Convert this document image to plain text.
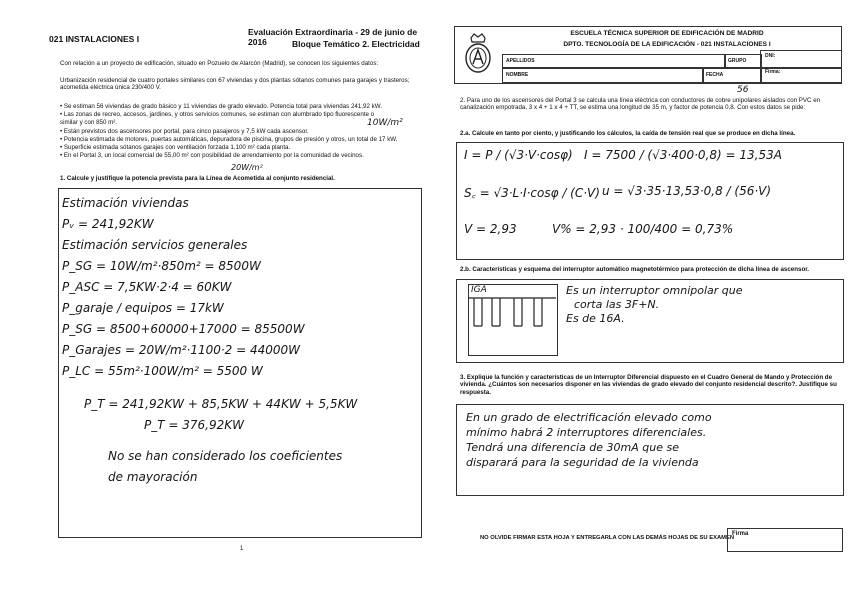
021 INSTALACIONES I
Evaluación Extraordinaria - 29 de junio de 2016	Bloque Temático 2. Electricidad
Con relación a un proyecto de edificación, situado en Pozuelo de Alarcón (Madrid), se conocen los siguientes datos:
Urbanización residencial de cuatro portales similares con 67 viviendas y dos plantas sótanos comunes para garajes y trasteros; acometida eléctrica única 230/400 V.
• Se estiman 56 viviendas de grado básico y 11 viviendas de grado elevado. Potencia total para viviendas 241,92 kW.
• Las zonas de recreo, accesos, jardines, y otros servicios comunes, se estiman con alumbrado tipo fluorescente o similar y con 850 m².
• Están previstos dos ascensores por portal, para cinco pasajeros y 7,5 kW cada ascensor.
• Potencia estimada de motores, puertas automáticas, depuradora de piscina, grupos de presión y otros, un total de 17 kW.
• Superficie estimada sótanos garajes con ventilación forzada 1.100 m² cada planta.
• En el Portal 3, un local comercial de 55,00 m² con posibilidad de arrendamiento por la comunidad de vecinos.
10W/m²
20W/m²
1. Calcule y justifique la potencia prevista para la Línea de Acometida al conjunto residencial.
Estimación viviendas
Pᵥ = 241,92KW
Estimación servicios generales
P_SG = 10W/m²·850m² = 8500W
P_ASC = 7,5KW·2·4 = 60KW
P_garaje / equipos = 17kW
P_SG = 8500+60000+17000 = 85500W
P_Garajes = 20W/m²·1100·2 = 44000W
P_LC = 55m²·100W/m² = 5500 W
P_T = 241,92KW + 85,5KW + 44KW + 5,5KW
P_T = 376,92KW
No se han considerado los coeficientes
de mayoración
1
ESCUELA TÉCNICA SUPERIOR DE EDIFICACIÓN DE MADRID
DPTO. TECNOLOGÍA DE LA EDIFICACIÓN - 021 INSTALACIONES I
APELLIDOS	GRUPO
DNI:
NOMBRE	FECHA	Firma:
56
2. Para uno de los ascensores del Portal 3 se calcula una línea eléctrica con conductores de cobre unipolares aislados con PVC en canalización empotrada, 3 x 4 + 1 x 4 + TT, se estima una longitud de 35 m, y factor de potencia 0,8. Con estos datos se pide:
2.a. Calcule en tanto por ciento, y justificando los cálculos, la caída de tensión real que se produce en dicha línea.
I = P / (√3·V·cosφ) I = 7500 / (√3·400·0,8) = 13,53A
S꜀ = √3·L·I·cosφ / (C·V) u = √3·35·13,53·0,8 / (56·V)
V = 2,93	V% = 2,93 · 100/400 = 0,73%
2.b. Características y esquema del interruptor automático magnetotérmico para protección de dicha línea de ascensor.
IGA	Es un interruptor omnipolar que
corta las 3F+N.
Es de 16A.
3. Explique la función y características de un Interruptor Diferencial dispuesto en el Cuadro General de Mando y Protección de vivienda. ¿Cuántos son necesarios disponer en las viviendas de grado elevado del conjunto residencial descrito?. Justifique su respuesta.
En un grado de electrificación elevado como
mínimo habrá 2 interruptores diferenciales.
Tendrá una diferencia de 30mA que se
disparará para la seguridad de la vivienda
NO OLVIDE FIRMAR ESTA HOJA Y ENTREGARLA CON LAS DEMÁS HOJAS DE SU EXAMEN
Firma
